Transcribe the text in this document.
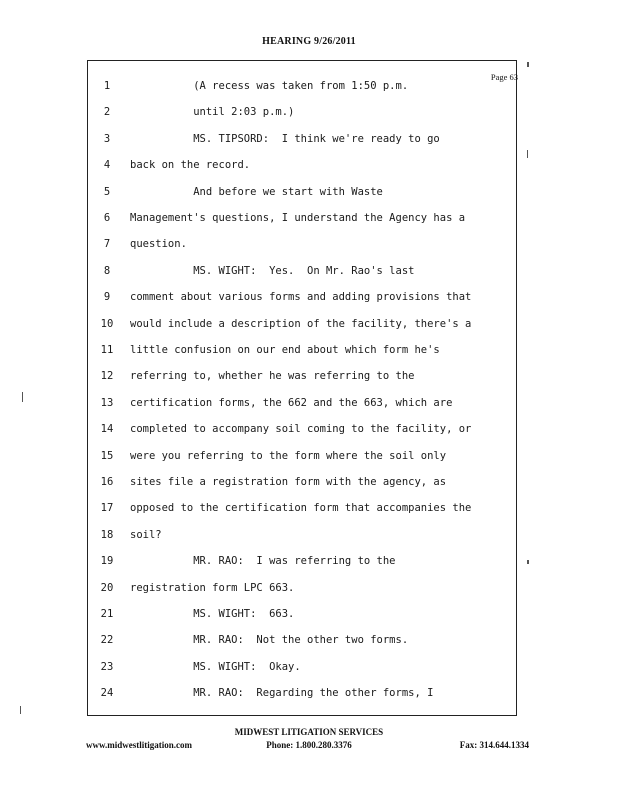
HEARING 9/26/2011
Page 63
1	(A recess was taken from 1:50 p.m.
2	until 2:03 p.m.)
3	MS. TIPSORD:  I think we're ready to go
4	back on the record.
5	And before we start with Waste
6	Management's questions, I understand the Agency has a
7	question.
8	MS. WIGHT:  Yes.  On Mr. Rao's last
9	comment about various forms and adding provisions that
10	would include a description of the facility, there's a
11	little confusion on our end about which form he's
12	referring to, whether he was referring to the
13	certification forms, the 662 and the 663, which are
14	completed to accompany soil coming to the facility, or
15	were you referring to the form where the soil only
16	sites file a registration form with the agency, as
17	opposed to the certification form that accompanies the
18	soil?
19	MR. RAO:  I was referring to the
20	registration form LPC 663.
21	MS. WIGHT:  663.
22	MR. RAO:  Not the other two forms.
23	MS. WIGHT:  Okay.
24	MR. RAO:  Regarding the other forms, I
MIDWEST LITIGATION SERVICES
www.midwestlitigation.com	Phone: 1.800.280.3376	Fax: 314.644.1334
